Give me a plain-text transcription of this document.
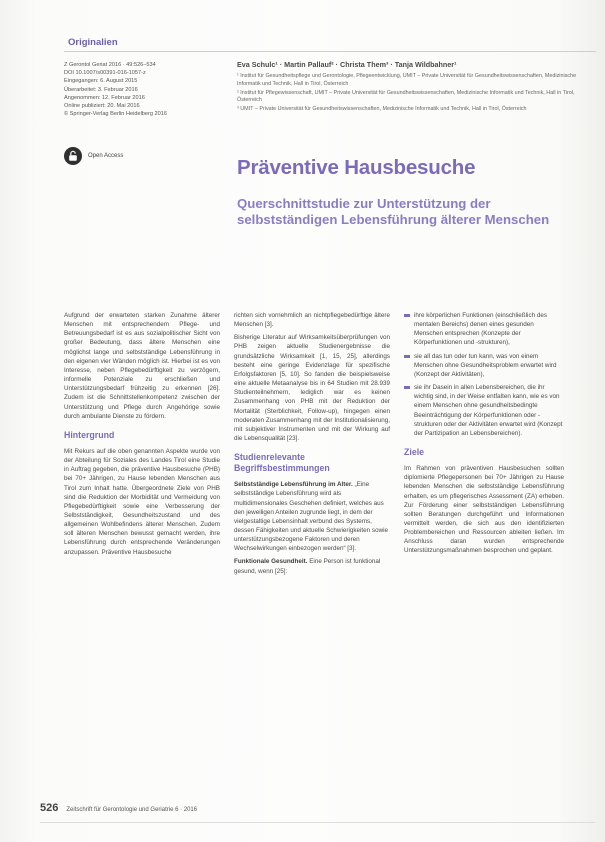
Originalien
Z Gerontol Geriat 2016 · 49:526–534
DOI 10.1007/s00391-016-1057-z
Eingegangen: 6. August 2015
Überarbeitet: 3. Februar 2016
Angenommen: 12. Februar 2016
Online publiziert: 20. Mai 2016
© Springer-Verlag Berlin Heidelberg 2016
Open Access
Eva Schulc¹ · Martin Pallauf² · Christa Them³ · Tanja Wildbahner¹
¹ Institut für Gesundheitspflege und Gerontologie, Pflegeentwicklung, UMIT – Private Universität für Gesundheitswissenschaften, Medizinische Informatik und Technik, Hall in Tirol, Österreich
² Institut für Pflegewissenschaft, UMIT – Private Universität für Gesundheitswissenschaften, Medizinische Informatik und Technik, Hall in Tirol, Österreich
³ UMIT – Private Universität für Gesundheitswissenschaften, Medizinische Informatik und Technik, Hall in Tirol, Österreich
Präventive Hausbesuche
Querschnittstudie zur Unterstützung der selbstständigen Lebensführung älterer Menschen

Aufgrund der erwarteten starken Zunahme älterer Menschen mit entsprechendem Pflege- und Betreuungsbedarf ist es aus sozialpolitischer Sicht von großer Bedeutung, dass ältere Menschen eine möglichst lange und selbstständige Lebensführung in den eigenen vier Wänden möglich ist. Hierbei ist es von Interesse, neben Pflegebedürftigkeit zu verzögern, informelle Potenziale zu erschließen und Unterstützungsbedarf frühzeitig zu erkennen [26]. Zudem ist die Schnittstellenkompetenz zwischen der Unterstützung und Pflege durch Angehörige sowie durch ambulante Dienste zu fördern.

Hintergrund

Mit Rekurs auf die oben genannten Aspekte wurde von der Abteilung für Soziales des Landes Tirol eine Studie in Auftrag gegeben, die präventive Hausbesuche (PHB) bei 70+ Jährigen, zu Hause lebenden Menschen aus Tirol zum Inhalt hatte. Übergeordnete Ziele von PHB sind die Reduktion der Morbidität und Vermeidung von Pflegebedürftigkeit sowie eine Verbesserung der Selbstständigkeit, Gesundheitszustand und des allgemeinen Wohlbefindens älterer Menschen. Zudem soll älteren Menschen bewusst gemacht werden, ihre Lebensführung durch entsprechende Veränderungen anzupassen. Präventive Hausbesuche

richten sich vornehmlich an nichtpflegebedürftige ältere Menschen [3].

Bisherige Literatur auf Wirksamkeitsüberprüfungen von PHB zeigen aktuelle Studienergebnisse die grundsätzliche Wirksamkeit [1, 15, 25], allerdings besteht eine geringe Evidenzlage für spezifische Erfolgsfaktoren [5, 10]. So fanden die beispielsweise eine aktuelle Metaanalyse bis in 64 Studien mit 28.939 Studienteilnehmern, lediglich war es keinen Zusammenhang von PHB mit der Reduktion der Mortalität (Sterblichkeit, Follow-up), hingegen einen moderaten Zusammenhang mit der Institutionalisierung, mit subjektiver Instrumenten und mit der Wirkung auf die Lebensqualität [23].

Studienrelevante Begriffsbestimmungen

Selbstständige Lebensführung im Alter. „Eine selbstständige Lebensführung wird als multidimensionales Geschehen definiert, welches aus den jeweiligen Anteilen zugrunde liegt, in dem der vielgestaltige Lebensinhalt verbund des Systems, dessen Fähigkeiten und aktuelle Schwierigkeiten sowie unterstützungsbezogene Faktoren und deren Wechselwirkungen einbezogen werden“ [3].

Funktionale Gesundheit. Eine Person ist funktional gesund, wenn [25]:

ihre körperlichen Funktionen (einschließlich des mentalen Bereichs) denen eines gesunden Menschen entsprechen (Konzepte der Körperfunktionen und -strukturen),
sie all das tun oder tun kann, was von einem Menschen ohne Gesundheitsproblem erwartet wird (Konzept der Aktivitäten),
sie ihr Dasein in allen Lebensbereichen, die ihr wichtig sind, in der Weise entfalten kann, wie es von einem Menschen ohne gesundheitsbedingte Beeinträchtigung der Körperfunktionen oder -strukturen oder der Aktivitäten erwartet wird (Konzept der Partizipation an Lebensbereichen).
Ziele

Im Rahmen von präventiven Hausbesuchen sollten diplomierte Pflegepersonen bei 70+ Jährigen zu Hause lebenden Menschen die selbstständige Lebensführung erhalten, es um pflegerisches Assessment (ZA) erheben. Zur Förderung einer selbstständigen Lebensführung sollten Beratungen durchgeführt und Informationen vermittelt werden, die sich aus den identifizierten Problembereichen und Ressourcen ableiten ließen. Im Anschluss daran wurden entsprechende Unterstützungsmaßnahmen besprochen und geplant.

526 Zeitschrift für Gerontologie und Geriatrie 6 · 2016
